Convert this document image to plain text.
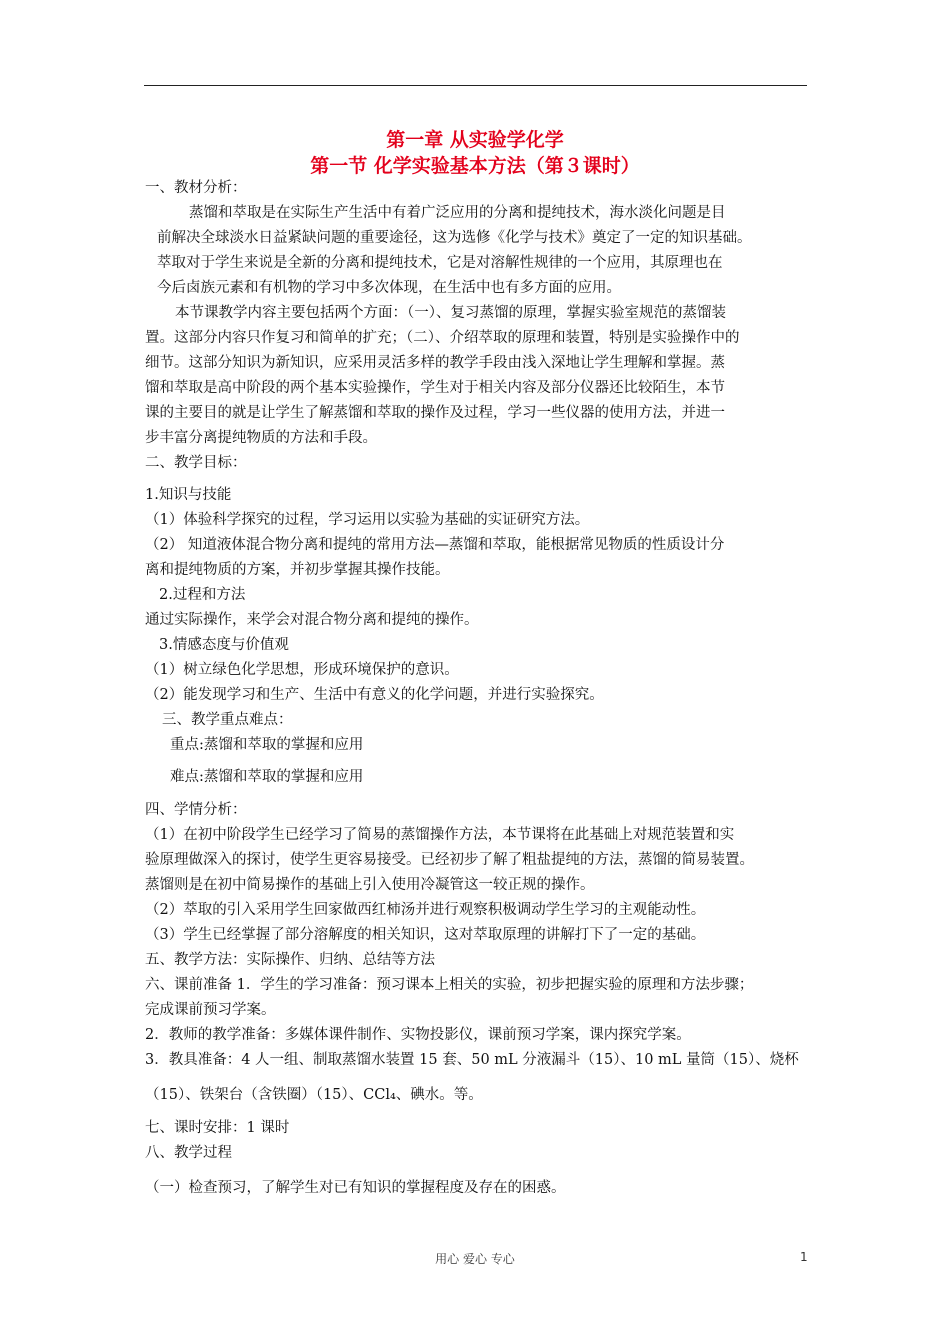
第一章 从实验学化学
第一节 化学实验基本方法（第３课时）
一、教材分析：
蒸馏和萃取是在实际生产生活中有着广泛应用的分离和提纯技术，海水淡化问题是目
前解决全球淡水日益紧缺问题的重要途径，这为选修《化学与技术》奠定了一定的知识基础。
萃取对于学生来说是全新的分离和提纯技术，它是对溶解性规律的一个应用，其原理也在
今后卤族元素和有机物的学习中多次体现，在生活中也有多方面的应用。
本节课教学内容主要包括两个方面：（一）、复习蒸馏的原理，掌握实验室规范的蒸馏装
置。这部分内容只作复习和简单的扩充；（二）、介绍萃取的原理和装置，特别是实验操作中的
细节。这部分知识为新知识，应采用灵活多样的教学手段由浅入深地让学生理解和掌握。蒸
馏和萃取是高中阶段的两个基本实验操作，学生对于相关内容及部分仪器还比较陌生，本节
课的主要目的就是让学生了解蒸馏和萃取的操作及过程，学习一些仪器的使用方法，并进一
步丰富分离提纯物质的方法和手段。
二、教学目标：
1.知识与技能
（1）体验科学探究的过程，学习运用以实验为基础的实证研究方法。
（2） 知道液体混合物分离和提纯的常用方法—蒸馏和萃取，能根据常见物质的性质设计分
离和提纯物质的方案，并初步掌握其操作技能。
2.过程和方法
通过实际操作，来学会对混合物分离和提纯的操作。
3.情感态度与价值观
（1）树立绿色化学思想，形成环境保护的意识。
（2）能发现学习和生产、生活中有意义的化学问题，并进行实验探究。
三、教学重点难点：
重点:蒸馏和萃取的掌握和应用
难点:蒸馏和萃取的掌握和应用
四、学情分析：
（1）在初中阶段学生已经学习了简易的蒸馏操作方法，本节课将在此基础上对规范装置和实
验原理做深入的探讨，使学生更容易接受。已经初步了解了粗盐提纯的方法，蒸馏的简易装置。
蒸馏则是在初中简易操作的基础上引入使用冷凝管这一较正规的操作。
（2）萃取的引入采用学生回家做西红柿汤并进行观察积极调动学生学习的主观能动性。
（3）学生已经掌握了部分溶解度的相关知识，这对萃取原理的讲解打下了一定的基础。
五、教学方法：实际操作、归纳、总结等方法
六、课前准备 1．学生的学习准备：预习课本上相关的实验，初步把握实验的原理和方法步骤；
完成课前预习学案。
2．教师的教学准备：多媒体课件制作、实物投影仪，课前预习学案，课内探究学案。
3．教具准备：4 人一组、制取蒸馏水装置 15 套、50 mL 分液漏斗（15）、10 mL 量筒（15）、烧杯
（15）、铁架台（含铁圈）（15）、CCl₄、碘水。等。
七、课时安排：1 课时
八、教学过程
（一）检查预习，了解学生对已有知识的掌握程度及存在的困惑。
用心 爱心 专心	1
